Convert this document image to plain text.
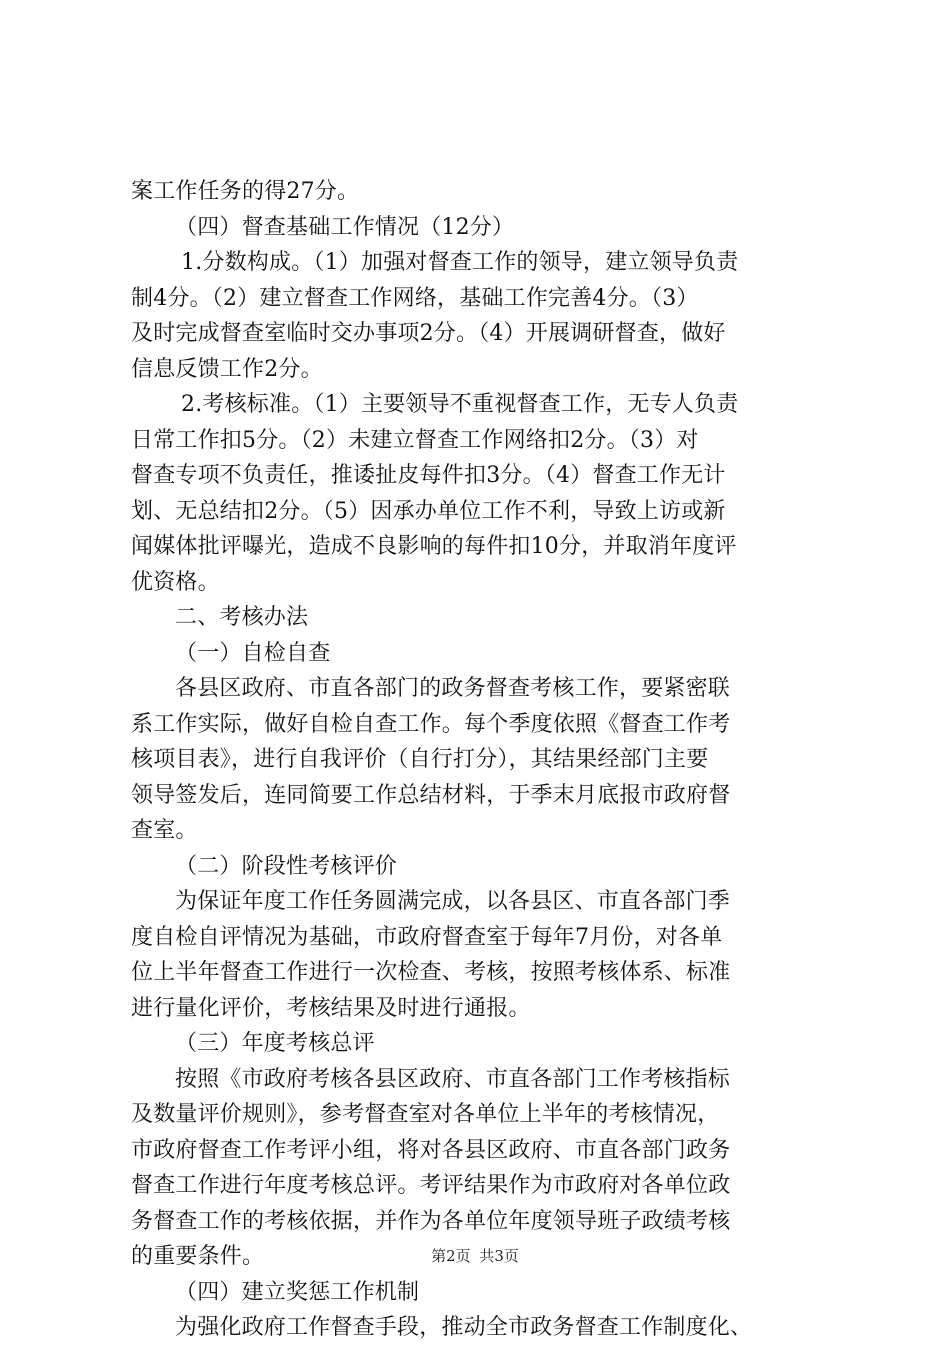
案工作任务的得27分。
（四）督查基础工作情况（12分）
1.分数构成。（1）加强对督查工作的领导，建立领导负责
制4分。（2）建立督查工作网络，基础工作完善4分。（3）
及时完成督查室临时交办事项2分。（4）开展调研督查，做好
信息反馈工作2分。
2.考核标准。（1）主要领导不重视督查工作，无专人负责
日常工作扣5分。（2）未建立督查工作网络扣2分。（3）对
督查专项不负责任，推诿扯皮每件扣3分。（4）督查工作无计
划、无总结扣2分。（5）因承办单位工作不利，导致上访或新
闻媒体批评曝光，造成不良影响的每件扣10分，并取消年度评
优资格。
二、考核办法
（一）自检自查
各县区政府、市直各部门的政务督查考核工作，要紧密联
系工作实际，做好自检自查工作。每个季度依照《督查工作考
核项目表》，进行自我评价（自行打分），其结果经部门主要
领导签发后，连同简要工作总结材料，于季末月底报市政府督
查室。
（二）阶段性考核评价
为保证年度工作任务圆满完成，以各县区、市直各部门季
度自检自评情况为基础，市政府督查室于每年7月份，对各单
位上半年督查工作进行一次检查、考核，按照考核体系、标准
进行量化评价，考核结果及时进行通报。
（三）年度考核总评
按照《市政府考核各县区政府、市直各部门工作考核指标
及数量评价规则》，参考督查室对各单位上半年的考核情况，
市政府督查工作考评小组，将对各县区政府、市直各部门政务
督查工作进行年度考核总评。考评结果作为市政府对各单位政
务督查工作的考核依据，并作为各单位年度领导班子政绩考核
的重要条件。
（四）建立奖惩工作机制
为强化政府工作督查手段，推动全市政务督查工作制度化、
第2页 共3页
